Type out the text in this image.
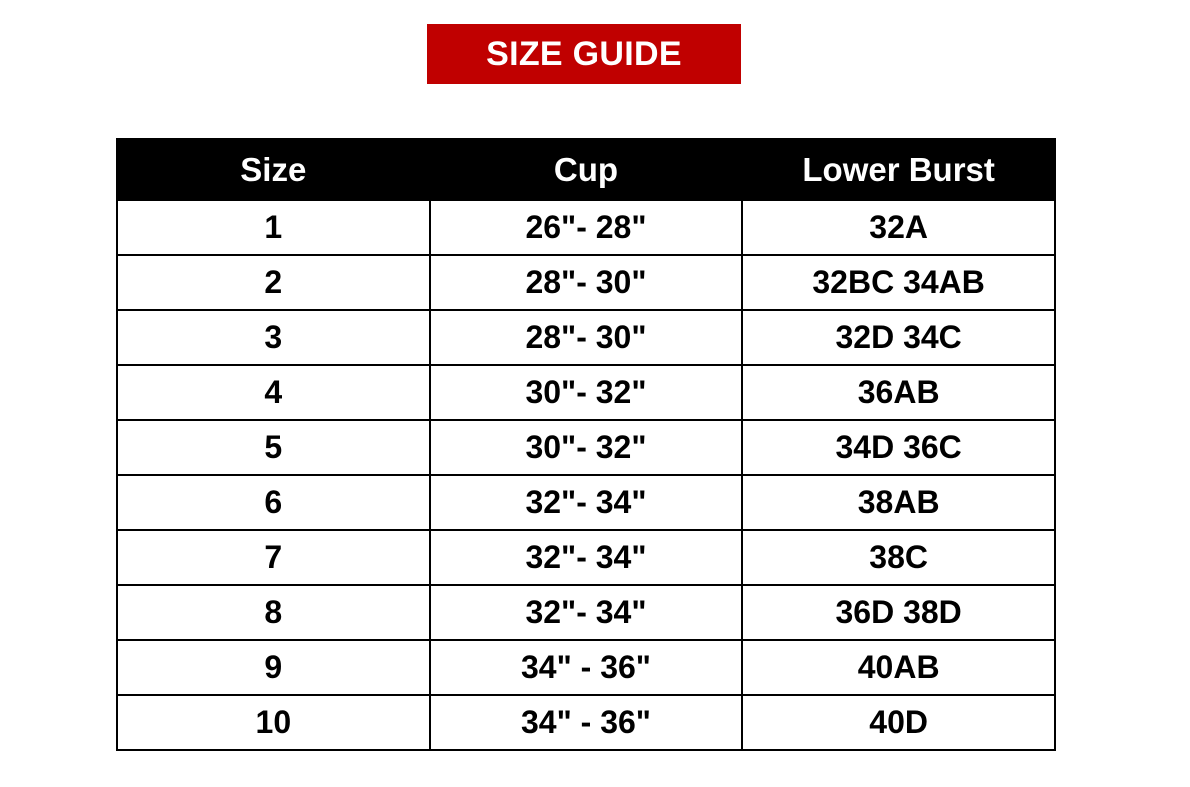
SIZE GUIDE
Size	Cup	Lower Burst
1	26"- 28"	32A
2	28"- 30"	32BC 34AB
3	28"- 30"	32D 34C
4	30"- 32"	36AB
5	30"- 32"	34D 36C
6	32"- 34"	38AB
7	32"- 34"	38C
8	32"- 34"	36D 38D
9	34" - 36"	40AB
10	34" - 36"	40D
